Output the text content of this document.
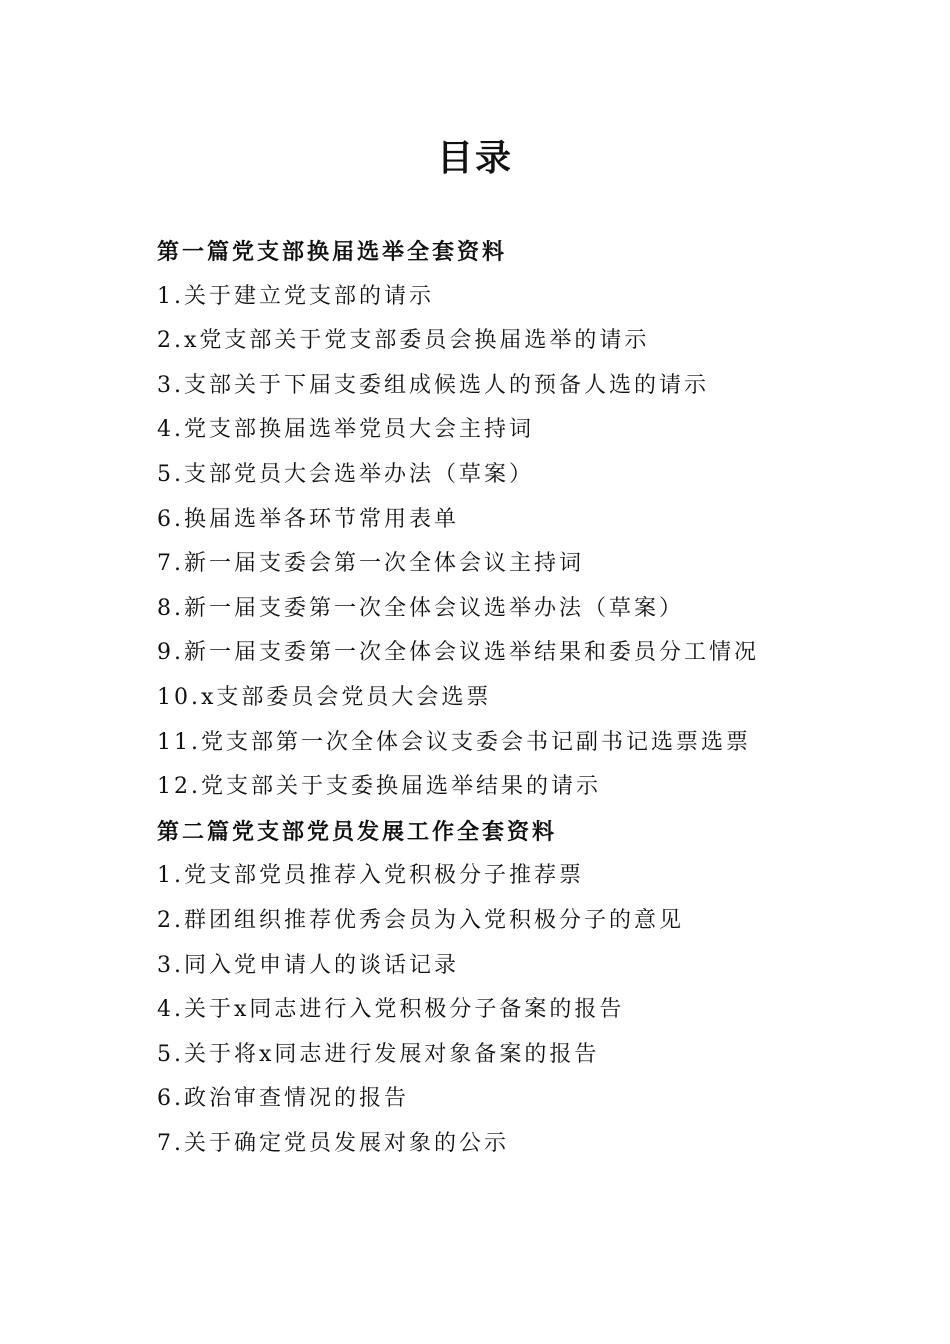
目录
第一篇党支部换届选举全套资料
1.关于建立党支部的请示
2.x党支部关于党支部委员会换届选举的请示
3.支部关于下届支委组成候选人的预备人选的请示
4.党支部换届选举党员大会主持词
5.支部党员大会选举办法（草案）
6.换届选举各环节常用表单
7.新一届支委会第一次全体会议主持词
8.新一届支委第一次全体会议选举办法（草案）
9.新一届支委第一次全体会议选举结果和委员分工情况
10.x支部委员会党员大会选票
11.党支部第一次全体会议支委会书记副书记选票选票
12.党支部关于支委换届选举结果的请示
第二篇党支部党员发展工作全套资料
1.党支部党员推荐入党积极分子推荐票
2.群团组织推荐优秀会员为入党积极分子的意见
3.同入党申请人的谈话记录
4.关于x同志进行入党积极分子备案的报告
5.关于将x同志进行发展对象备案的报告
6.政治审查情况的报告
7.关于确定党员发展对象的公示
